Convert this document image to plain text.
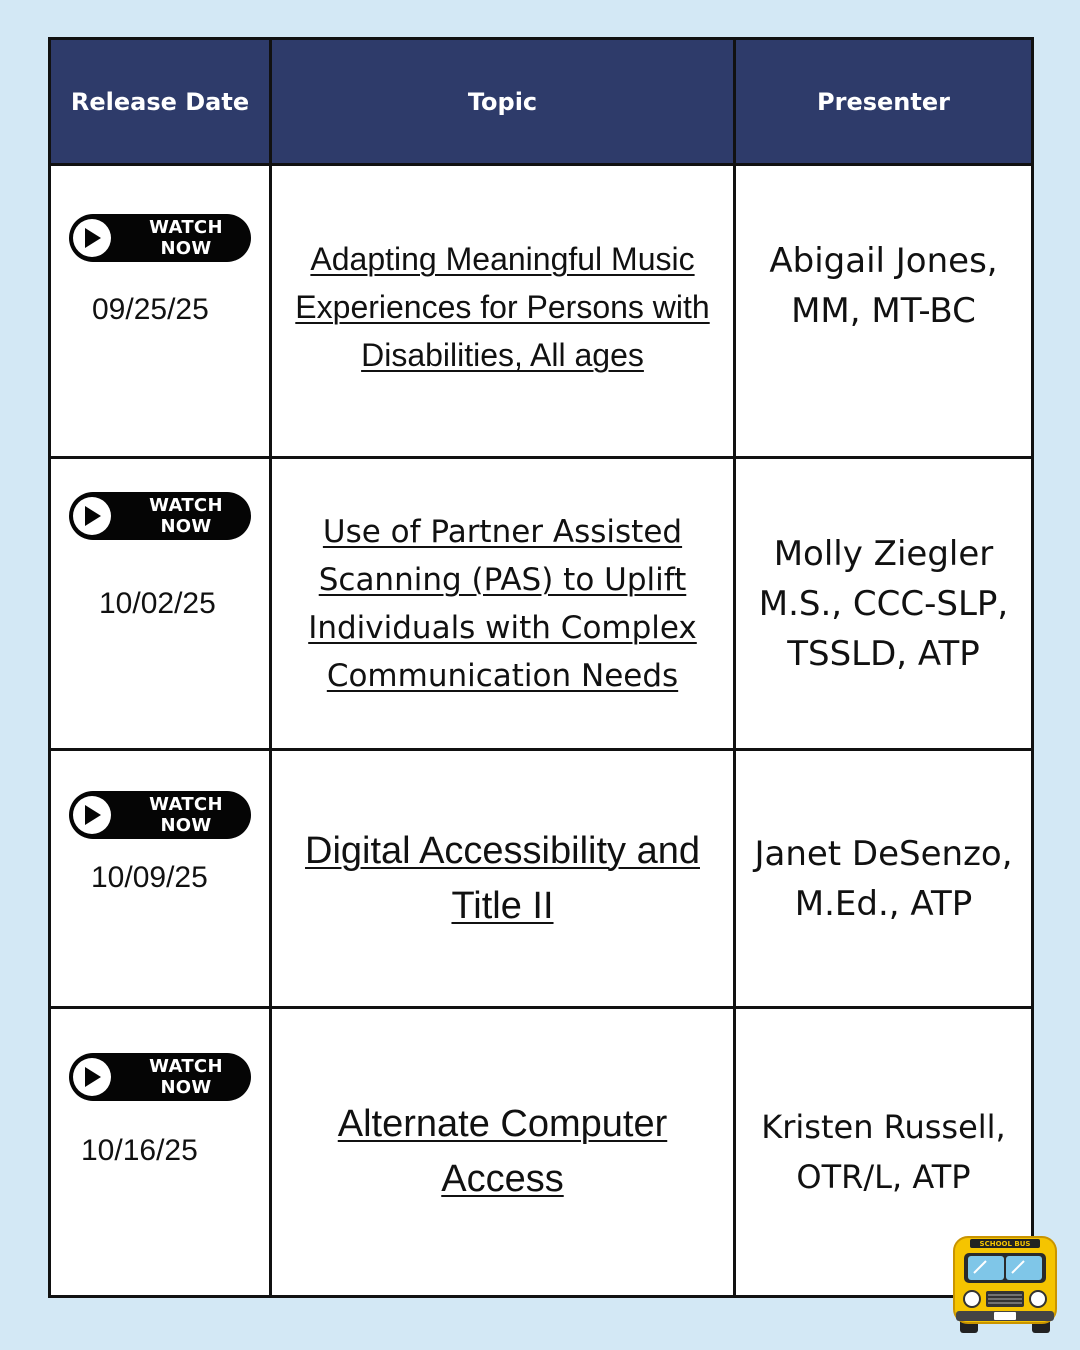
Release Date	Topic	Presenter
WATCH NOW
09/25/25
Adapting Meaningful Music Experiences for Persons with Disabilities, All ages
Abigail Jones, MM, MT-BC
WATCH NOW
10/02/25
Use of Partner Assisted Scanning (PAS) to Uplift Individuals with Complex Communication Needs
Molly Ziegler M.S., CCC-SLP, TSSLD, ATP
WATCH NOW
10/09/25
Digital Accessibility and Title II
Janet DeSenzo, M.Ed., ATP
WATCH NOW
10/16/25
Alternate Computer Access
Kristen Russell, OTR/L, ATP
SCHOOL BUS
